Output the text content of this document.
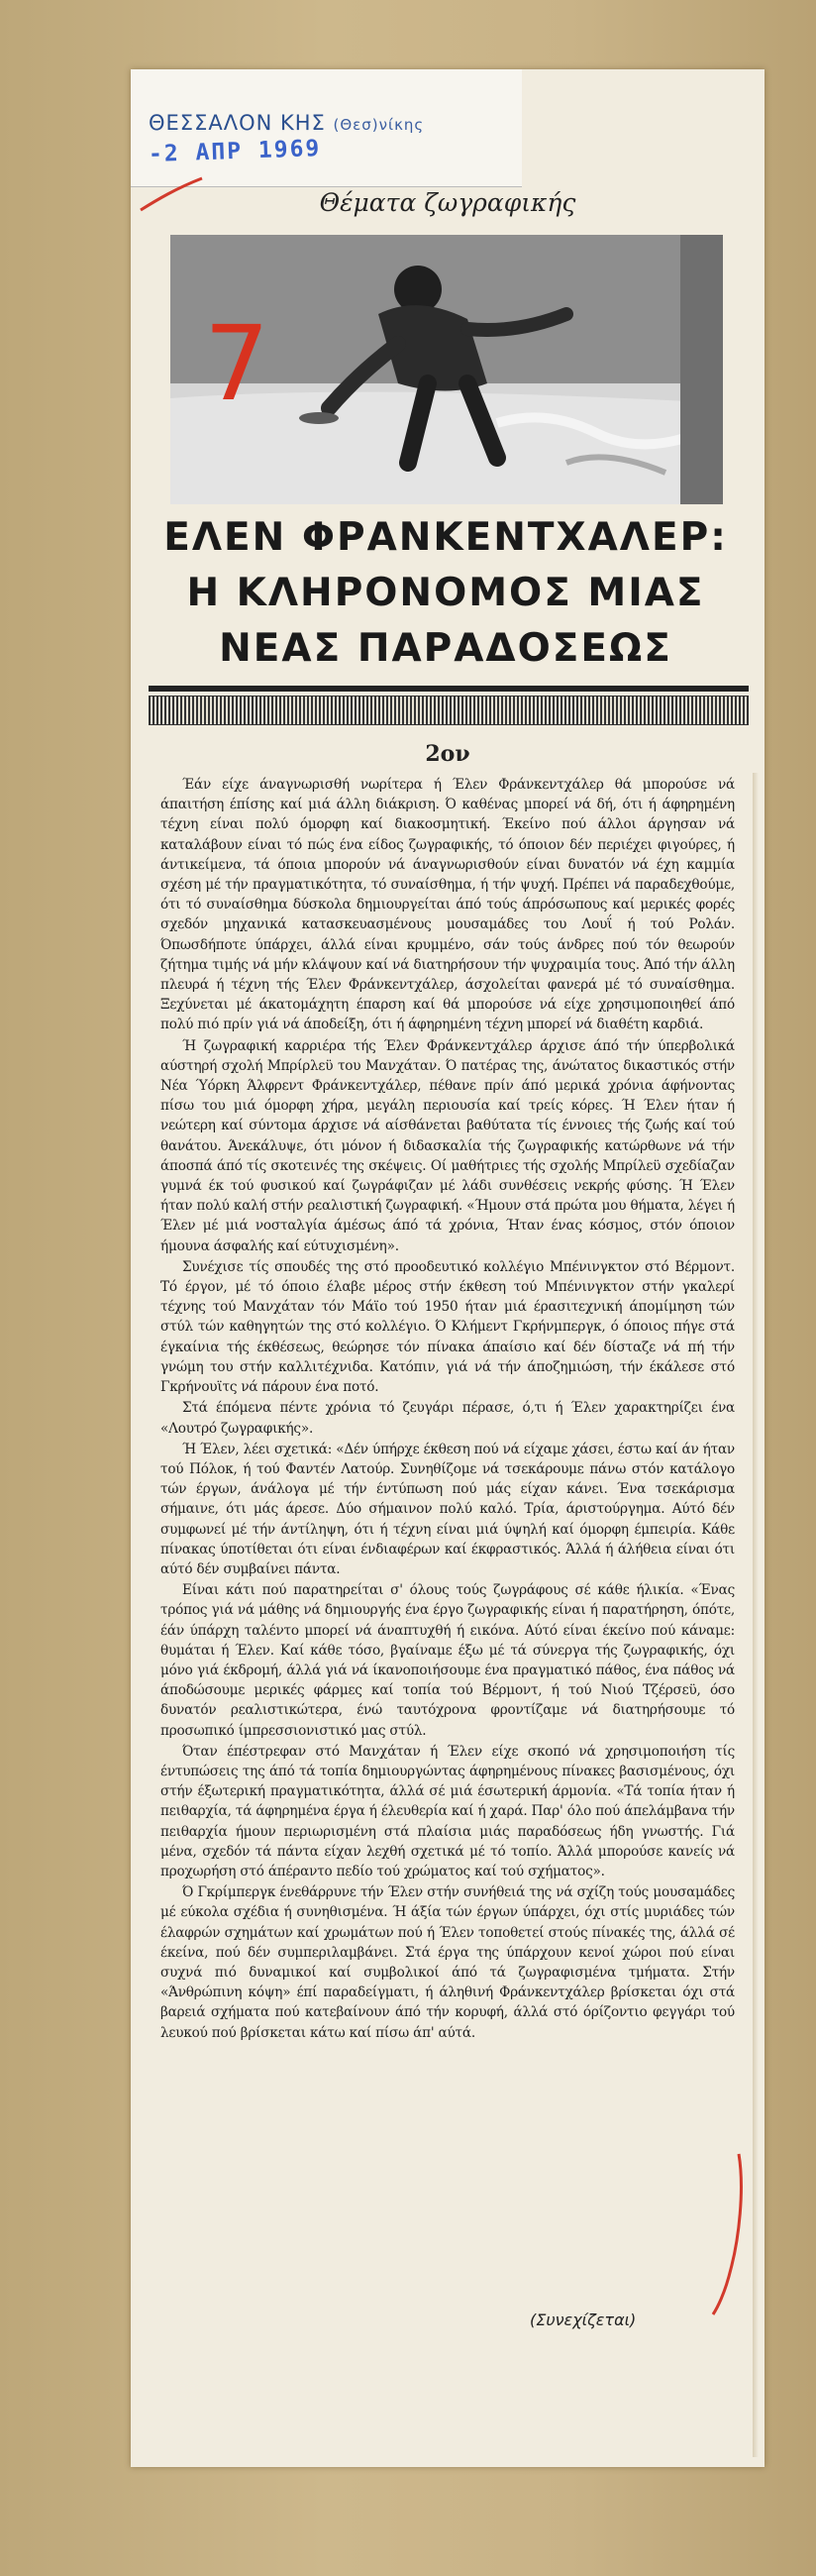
ΘΕΣΣΑΛΟΝ ΚΗΣ (Θεσ)νίκης
-2 ΑΠΡ 1969
Θέματα ζωγραφικής
7
ΕΛΕΝ ΦΡΑΝΚΕΝΤΧΑΛΕΡ:
Η ΚΛΗΡΟΝΟΜΟΣ ΜΙΑΣ
ΝΕΑΣ ΠΑΡΑΔΟΣΕΩΣ
2ον

Έάν είχε άναγνωρισθή νωρίτερα ή Έλεν Φράνκεντχάλερ θά μπορούσε νά άπαιτήση έπίσης καί μιά άλλη διάκριση. Ό καθένας μπορεί νά δή, ότι ή άφηρημένη τέχνη είναι πολύ όμορφη καί διακοσμητική. Έκείνο πού άλλοι άργησαν νά καταλάβουν είναι τό πώς ένα είδος ζωγραφικής, τό όποιον δέν περιέχει φιγούρες, ή άντικείμενα, τά όποια μπορούν νά άναγνωρισθούν είναι δυνατόν νά έχη καμμία σχέση μέ τήν πραγματικότητα, τό συναίσθημα, ή τήν ψυχή. Πρέπει νά παραδεχθούμε, ότι τό συναίσθημα δύσκολα δημιουργείται άπό τούς άπρόσωπους καί μερικές φορές σχεδόν μηχανικά κατασκευασμένους μουσαμάδες του Λουΐ ή τού Ρολάν. Όπωσδήποτε ύπάρχει, άλλά είναι κρυμμένο, σάν τούς άνδρες πού τόν θεωρούν ζήτημα τιμής νά μήν κλάψουν καί νά διατηρήσουν τήν ψυχραιμία τους. Άπό τήν άλλη πλευρά ή τέχνη τής Έλεν Φράνκεντχάλερ, άσχολείται φανερά μέ τό συναίσθημα. Ξεχύνεται μέ άκατομάχητη έπαρση καί θά μπορούσε νά είχε χρησιμοποιηθεί άπό πολύ πιό πρίν γιά νά άποδείξη, ότι ή άφηρημένη τέχνη μπορεί νά διαθέτη καρδιά.

Ή ζωγραφική καρριέρα τής Έλεν Φράνκεντχάλερ άρχισε άπό τήν ύπερβολικά αύστηρή σχολή Μπρίρλεϋ του Μανχάταν. Ό πατέρας της, άνώτατος δικαστικός στήν Νέα Ύόρκη Άλφρεντ Φράνκεντχάλερ, πέθανε πρίν άπό μερικά χρόνια άφήνοντας πίσω του μιά όμορφη χήρα, μεγάλη περιουσία καί τρείς κόρες. Ή Έλεν ήταν ή νεώτερη καί σύντομα άρχισε νά αίσθάνεται βαθύτατα τίς έννοιες τής ζωής καί τού θανάτου. Άνεκάλυψε, ότι μόνον ή διδασκαλία τής ζωγραφικής κατώρθωνε νά τήν άποσπά άπό τίς σκοτεινές της σκέψεις. Οί μαθήτριες τής σχολής Μπρίλεϋ σχεδίαζαν γυμνά έκ τού φυσικού καί ζωγράφιζαν μέ λάδι συνθέσεις νεκρής φύσης. Ή Έλεν ήταν πολύ καλή στήν ρεαλιστική ζωγραφική. «Ήμουν στά πρώτα μου θήματα, λέγει ή Έλεν μέ μιά νοσταλγία άμέσως άπό τά χρόνια, Ήταν ένας κόσμος, στόν όποιον ήμουνα άσφαλής καί εύτυχισμένη».

Συνέχισε τίς σπουδές της στό προοδευτικό κολλέγιο Μπένινγκτον στό Βέρμοντ. Τό έργον, μέ τό όποιο έλαβε μέρος στήν έκθεση τού Μπένινγκτον στήν γκαλερί τέχνης τού Μανχάταν τόν Μάϊο τού 1950 ήταν μιά έρασιτεχνική άπομίμηση τών στύλ τών καθηγητών της στό κολλέγιο. Ό Κλήμεντ Γκρήνμπεργκ, ό όποιος πήγε στά έγκαίνια τής έκθέσεως, θεώρησε τόν πίνακα άπαίσιο καί δέν δίσταζε νά πή τήν γνώμη του στήν καλλιτέχνιδα. Κατόπιν, γιά νά τήν άποζημιώση, τήν έκάλεσε στό Γκρήνουϊτς νά πάρουν ένα ποτό.

Στά έπόμενα πέντε χρόνια τό ζευγάρι πέρασε, ό,τι ή Έλεν χαρακτηρίζει ένα «Λουτρό ζωγραφικής».

Ή Έλεν, λέει σχετικά: «Δέν ύπήρχε έκθεση πού νά είχαμε χάσει, έστω καί άν ήταν τού Πόλοκ, ή τού Φαντέν Λατούρ. Συνηθίζομε νά τσεκάρουμε πάνω στόν κατάλογο τών έργων, άνάλογα μέ τήν έντύπωση πού μάς είχαν κάνει. Ένα τσεκάρισμα σήμαινε, ότι μάς άρεσε. Δύο σήμαινον πολύ καλό. Τρία, άριστούργημα. Αύτό δέν συμφωνεί μέ τήν άντίληψη, ότι ή τέχνη είναι μιά ύψηλή καί όμορφη έμπειρία. Κάθε πίνακας ύποτίθεται ότι είναι ένδιαφέρων καί έκφραστικός. Άλλά ή άλήθεια είναι ότι αύτό δέν συμβαίνει πάντα.

Είναι κάτι πού παρατηρείται σ' όλους τούς ζωγράφους σέ κάθε ήλικία. «Ένας τρόπος γιά νά μάθης νά δημιουργής ένα έργο ζωγραφικής είναι ή παρατήρηση, όπότε, έάν ύπάρχη ταλέντο μπορεί νά άναπτυχθή ή εικόνα. Αύτό είναι έκείνο πού κάναμε: θυμάται ή Έλεν. Καί κάθε τόσο, βγαίναμε έξω μέ τά σύνεργα τής ζωγραφικής, όχι μόνο γιά έκδρομή, άλλά γιά νά ίκανοποιήσουμε ένα πραγματικό πάθος, ένα πάθος νά άποδώσουμε μερικές φάρμες καί τοπία τού Βέρμοντ, ή τού Νιού Τζέρσεϋ, όσο δυνατόν ρεαλιστικώτερα, ένώ ταυτόχρονα φροντίζαμε νά διατηρήσουμε τό προσωπικό ίμπρεσσιονιστικό μας στύλ.

Όταν έπέστρεφαν στό Μανχάταν ή Έλεν είχε σκοπό νά χρησιμοποιήση τίς έντυπώσεις της άπό τά τοπία δημιουργώντας άφηρημένους πίνακες βασισμένους, όχι στήν έξωτερική πραγματικότητα, άλλά σέ μιά έσωτερική άρμονία. «Τά τοπία ήταν ή πειθαρχία, τά άφηρημένα έργα ή έλευθερία καί ή χαρά. Παρ' όλο πού άπελάμβανα τήν πειθαρχία ήμουν περιωρισμένη στά πλαίσια μιάς παραδόσεως ήδη γνωστής. Γιά μένα, σχεδόν τά πάντα είχαν λεχθή σχετικά μέ τό τοπίο. Άλλά μπορούσε κανείς νά προχωρήση στό άπέραντο πεδίο τού χρώματος καί τού σχήματος».

Ό Γκρίμπεργκ ένεθάρρυνε τήν Έλεν στήν συνήθειά της νά σχίζη τούς μουσαμάδες μέ εύκολα σχέδια ή συνηθισμένα. Ή άξία τών έργων ύπάρχει, όχι στίς μυριάδες τών έλαφρών σχημάτων καί χρωμάτων πού ή Έλεν τοποθετεί στούς πίνακές της, άλλά σέ έκείνα, πού δέν συμπεριλαμβάνει. Στά έργα της ύπάρχουν κενοί χώροι πού είναι συχνά πιό δυναμικοί καί συμβολικοί άπό τά ζωγραφισμένα τμήματα. Στήν «Άνθρώπινη κόψη» έπί παραδείγματι, ή άληθινή Φράνκεντχάλερ βρίσκεται όχι στά βαρειά σχήματα πού κατεβαίνουν άπό τήν κορυφή, άλλά στό όρίζοντιο φεγγάρι τού λευκού πού βρίσκεται κάτω καί πίσω άπ' αύτά.

(Συνεχίζεται)
